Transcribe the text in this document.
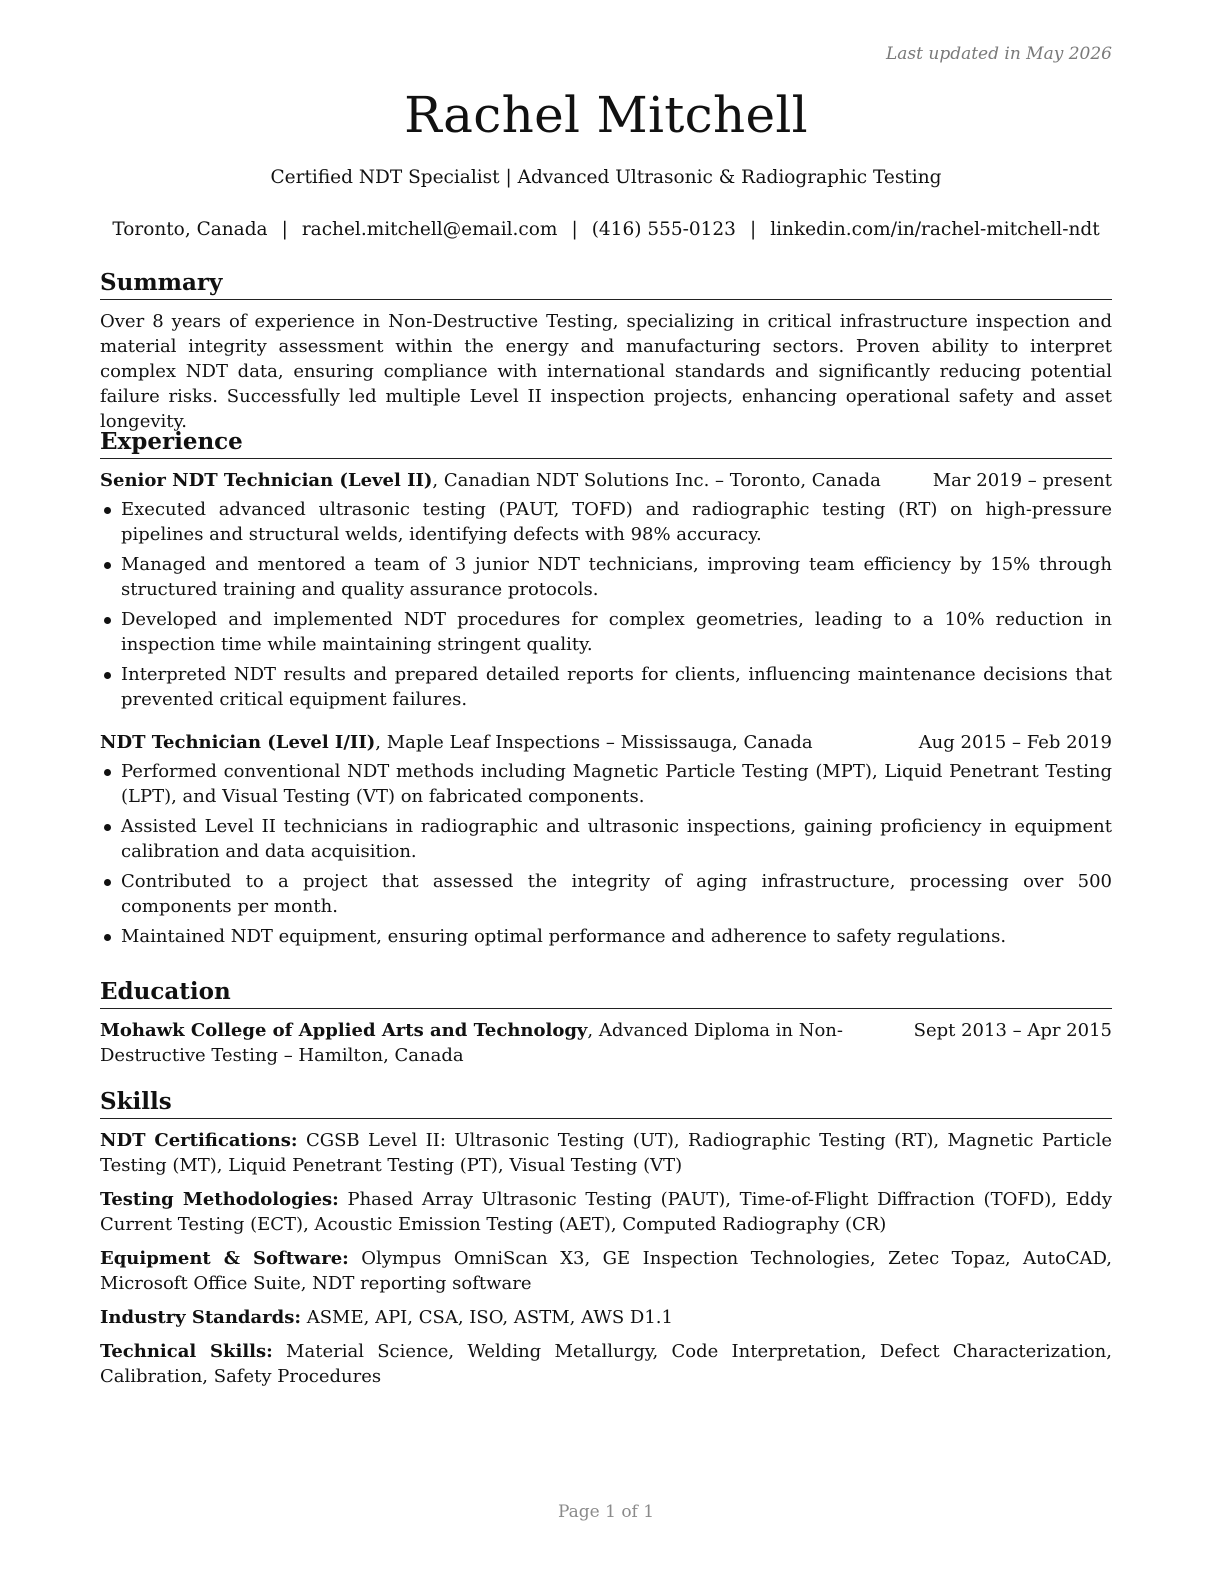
Last updated in May 2026
Rachel Mitchell
Certified NDT Specialist | Advanced Ultrasonic & Radiographic Testing
Toronto, Canada | rachel.mitchell@email.com | (416) 555-0123 | linkedin.com/in/rachel-mitchell-ndt
Summary
Over 8 years of experience in Non-Destructive Testing, specializing in critical infrastructure inspection and material integrity assessment within the energy and manufacturing sectors. Proven ability to interpret complex NDT data, ensuring compliance with international standards and significantly reducing potential failure risks. Successfully led multiple Level II inspection projects, enhancing operational safety and asset longevity.
Experience
Senior NDT Technician (Level II), Canadian NDT Solutions Inc. – Toronto, Canada	Mar 2019 – present
Executed advanced ultrasonic testing (PAUT, TOFD) and radiographic testing (RT) on high-pressure pipelines and structural welds, identifying defects with 98% accuracy.
Managed and mentored a team of 3 junior NDT technicians, improving team efficiency by 15% through structured training and quality assurance protocols.
Developed and implemented NDT procedures for complex geometries, leading to a 10% reduction in inspection time while maintaining stringent quality.
Interpreted NDT results and prepared detailed reports for clients, influencing maintenance decisions that prevented critical equipment failures.
NDT Technician (Level I/II), Maple Leaf Inspections – Mississauga, Canada	Aug 2015 – Feb 2019
Performed conventional NDT methods including Magnetic Particle Testing (MPT), Liquid Penetrant Testing (LPT), and Visual Testing (VT) on fabricated components.
Assisted Level II technicians in radiographic and ultrasonic inspections, gaining proficiency in equipment calibration and data acquisition.
Contributed to a project that assessed the integrity of aging infrastructure, processing over 500 components per month.
Maintained NDT equipment, ensuring optimal performance and adherence to safety regulations.
Education
Mohawk College of Applied Arts and Technology, Advanced Diploma in Non-Destructive Testing – Hamilton, Canada
Sept 2013 – Apr 2015
Skills
NDT Certifications: CGSB Level II: Ultrasonic Testing (UT), Radiographic Testing (RT), Magnetic Particle Testing (MT), Liquid Penetrant Testing (PT), Visual Testing (VT)
Testing Methodologies: Phased Array Ultrasonic Testing (PAUT), Time-of-Flight Diffraction (TOFD), Eddy Current Testing (ECT), Acoustic Emission Testing (AET), Computed Radiography (CR)
Equipment & Software: Olympus OmniScan X3, GE Inspection Technologies, Zetec Topaz, AutoCAD, Microsoft Office Suite, NDT reporting software
Industry Standards: ASME, API, CSA, ISO, ASTM, AWS D1.1
Technical Skills: Material Science, Welding Metallurgy, Code Interpretation, Defect Characterization, Calibration, Safety Procedures
Page 1 of 1
